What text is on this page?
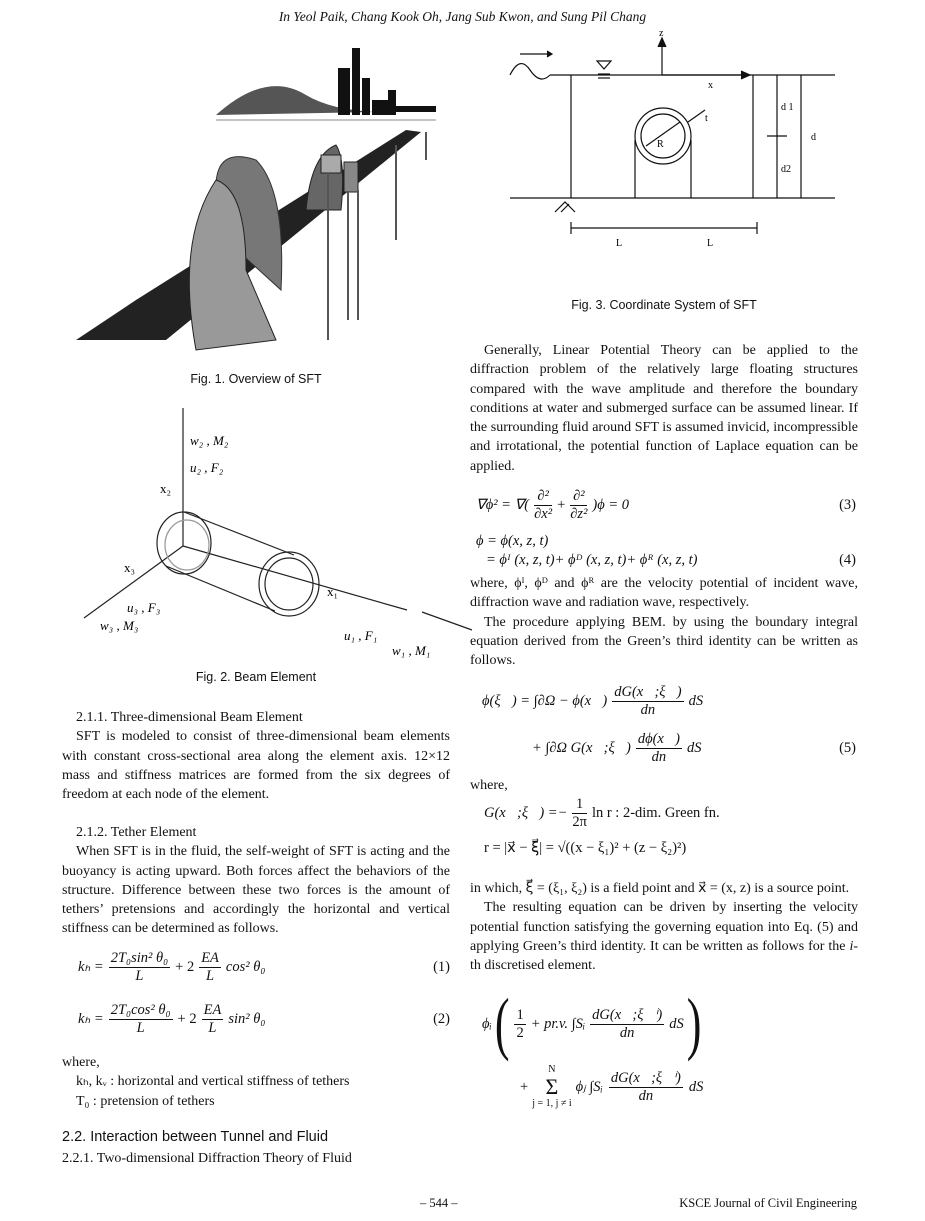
In Yeol Paik, Chang Kook Oh, Jang Sub Kwon, and Sung Pil Chang
Fig. 1. Overview of SFT
w₂ , M₂
u₂ , F₂
x₂
x₁
x₃
u₃ , F₃
w₃ , M₃
u₁ , F₁
w₁ , M₁
Fig. 2. Beam Element

2.1.1. Three-dimensional Beam Element

SFT is modeled to consist of three-dimensional beam elements with constant cross-sectional area along the element axis. 12×12 mass and stiffness matrices are formed from the six degrees of freedom at each node of the element.

2.1.2. Tether Element

When SFT is in the fluid, the self-weight of SFT is acting and the buoyancy is acting upward. Both forces affect the behaviors of the structure. Difference between these two forces is the amount of tethers’ pretensions and accordingly the horizontal and vertical stiffness can be determined as follows.

$k_h = \frac{\text{2T₀sin² θ₀}}{L} + 2 \frac{EA}{L} \cos^2$ θ₀	(1)
$k_h = \frac{\text{2T₀cos² θ₀}}{L} + 2 \frac{EA}{L} \sin^2$ θ₀	(2)

where,

kₕ, kᵥ : horizontal and vertical stiffness of tethers

T₀ : pretension of tethers

2.2. Interaction between Tunnel and Fluid
2.2.1. Two-dimensional Diffraction Theory of Fluid
z
x
t
R
d 1
d2
d
L	L
Fig. 3. Coordinate System of SFT

Generally, Linear Potential Theory can be applied to the diffraction problem of the relatively large floating structures compared with the wave amplitude and therefore the boundary conditions at water and submerged surface can be assumed linear. If the surrounding fluid around SFT is assumed invicid, incompressible and irrotational, the potential function of Laplace equation can be applied.

∇ϕ² = ∇( $\frac{\text{∂²}}{\text{∂x²}} + \frac{\text{∂²}}{\text{∂z²}} )\phi = 0$	(3)
ϕ = ϕ(x, z, t)
= ϕᴵ (x, z, t)+ ϕᴰ (x, z, t)+ ϕᴿ (x, z, t)	(4)

where, ϕᴵ, ϕᴰ and ϕᴿ are the velocity potential of incident wave, diffraction wave and radiation wave, respectively.

The procedure applying BEM. by using the boundary integral equation derived from the Green’s third identity can be written as follows.

ϕ(ξ⃗) = ∫∂Ω − ϕ(x⃗) $\frac{dG(x⃗;\xi⃗)}{dn}$ dS
+ ∫∂Ω G(x⃗;ξ⃗) $\frac{d\phi(x⃗)}{dn}$ dS	(5)
where,
G(x⃗;ξ⃗) =− $\frac{1}{2\pi}$ ln r : 2-dim. Green fn.
r = |x⃗ − ξ⃗| = √((x − ξ₁)² + (z − ξ₂)²)

in which, ξ⃗ = (ξ₁, ξ₂) is a field point and x⃗ = (x, z) is a source point.

The resulting equation can be driven by inserting the velocity potential function satisfying the governing equation into Eq. (5) and applying Green’s third identity. It can be written as follows for the i-th discretised element.

ϕᵢ ( $\frac{1}{2} + pr.v$. ∫Sᵢ $\frac{\text{dG(x⃗;ξ⃗ⁱ)}}{dn}$ dS )
+
N
Σ
j = 1, j ≠ i
ϕⱼ ∫Sᵢ $\frac{\text{dG(x⃗;ξ⃗ⁱ)}}{dn}$ dS
– 544 –	KSCE Journal of Civil Engineering
